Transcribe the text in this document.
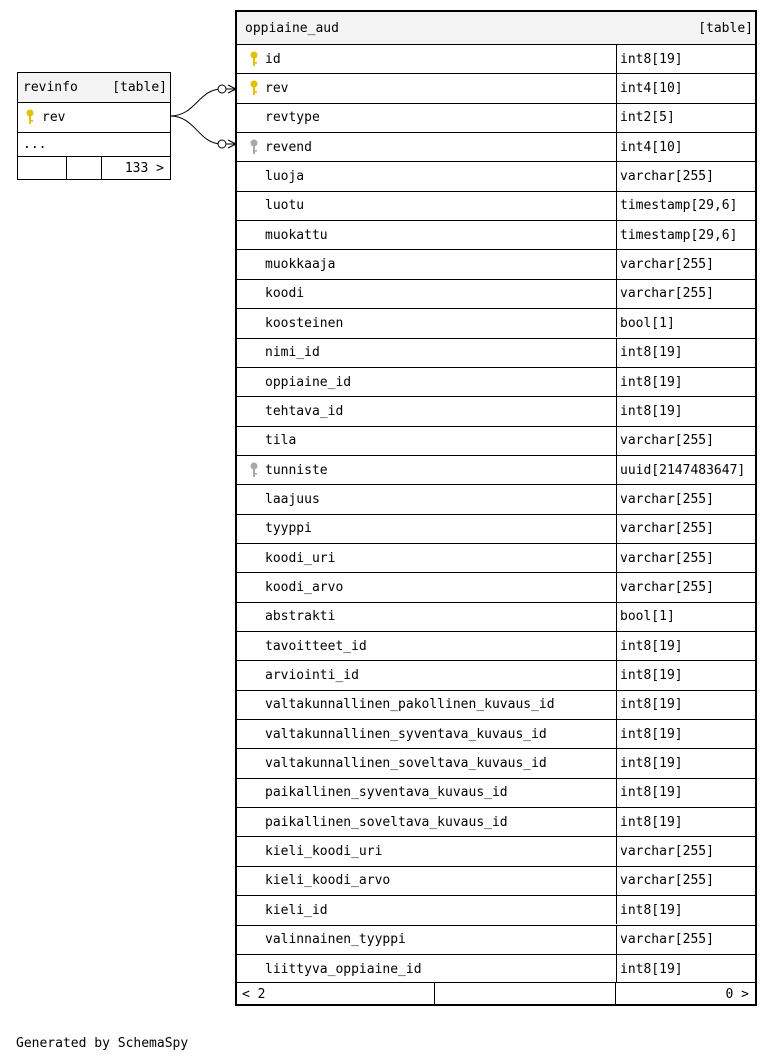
revinfo	[table]
rev
...
133 >
oppiaine_aud	[table]
id	int8[19]
rev	int4[10]
revtype	int2[5]
revend	int4[10]
luoja	varchar[255]
luotu	timestamp[29,6]
muokattu	timestamp[29,6]
muokkaaja	varchar[255]
koodi	varchar[255]
koosteinen	bool[1]
nimi_id	int8[19]
oppiaine_id	int8[19]
tehtava_id	int8[19]
tila	varchar[255]
tunniste	uuid[2147483647]
laajuus	varchar[255]
tyyppi	varchar[255]
koodi_uri	varchar[255]
koodi_arvo	varchar[255]
abstrakti	bool[1]
tavoitteet_id	int8[19]
arviointi_id	int8[19]
valtakunnallinen_pakollinen_kuvaus_id	int8[19]
valtakunnallinen_syventava_kuvaus_id	int8[19]
valtakunnallinen_soveltava_kuvaus_id	int8[19]
paikallinen_syventava_kuvaus_id	int8[19]
paikallinen_soveltava_kuvaus_id	int8[19]
kieli_koodi_uri	varchar[255]
kieli_koodi_arvo	varchar[255]
kieli_id	int8[19]
valinnainen_tyyppi	varchar[255]
liittyva_oppiaine_id	int8[19]
< 2	0 >
Generated by SchemaSpy
